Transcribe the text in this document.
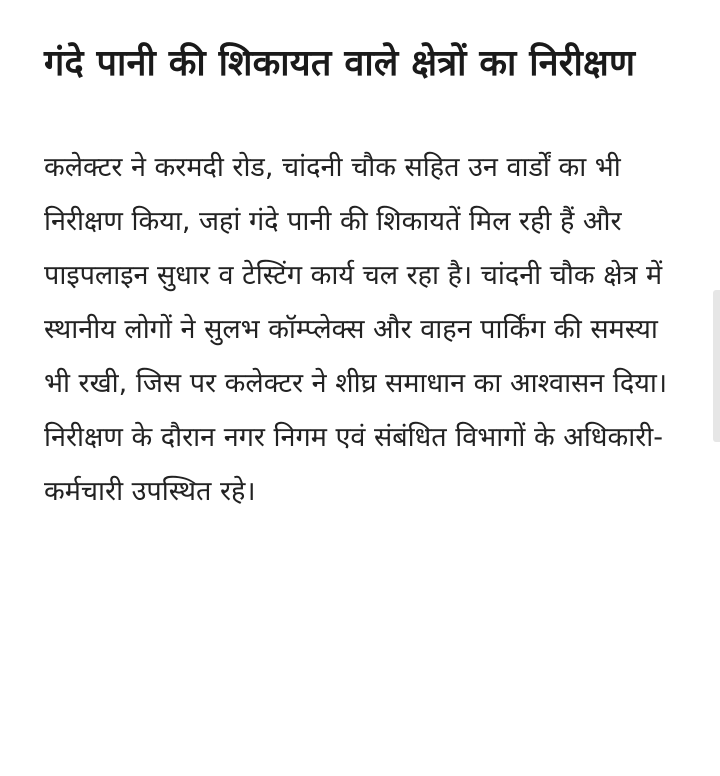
गंदे पानी की शिकायत वाले क्षेत्रों का निरीक्षण

कलेक्टर ने करमदी रोड, चांदनी चौक सहित उन वार्डों का भी निरीक्षण किया, जहां गंदे पानी की शिकायतें मिल रही हैं और पाइपलाइन सुधार व टेस्टिंग कार्य चल रहा है। चांदनी चौक क्षेत्र में स्थानीय लोगों ने सुलभ कॉम्प्लेक्स और वाहन पार्किंग की समस्या भी रखी, जिस पर कलेक्टर ने शीघ्र समाधान का आश्वासन दिया।निरीक्षण के दौरान नगर निगम एवं संबंधित विभागों के अधिकारी-कर्मचारी उपस्थित रहे।
